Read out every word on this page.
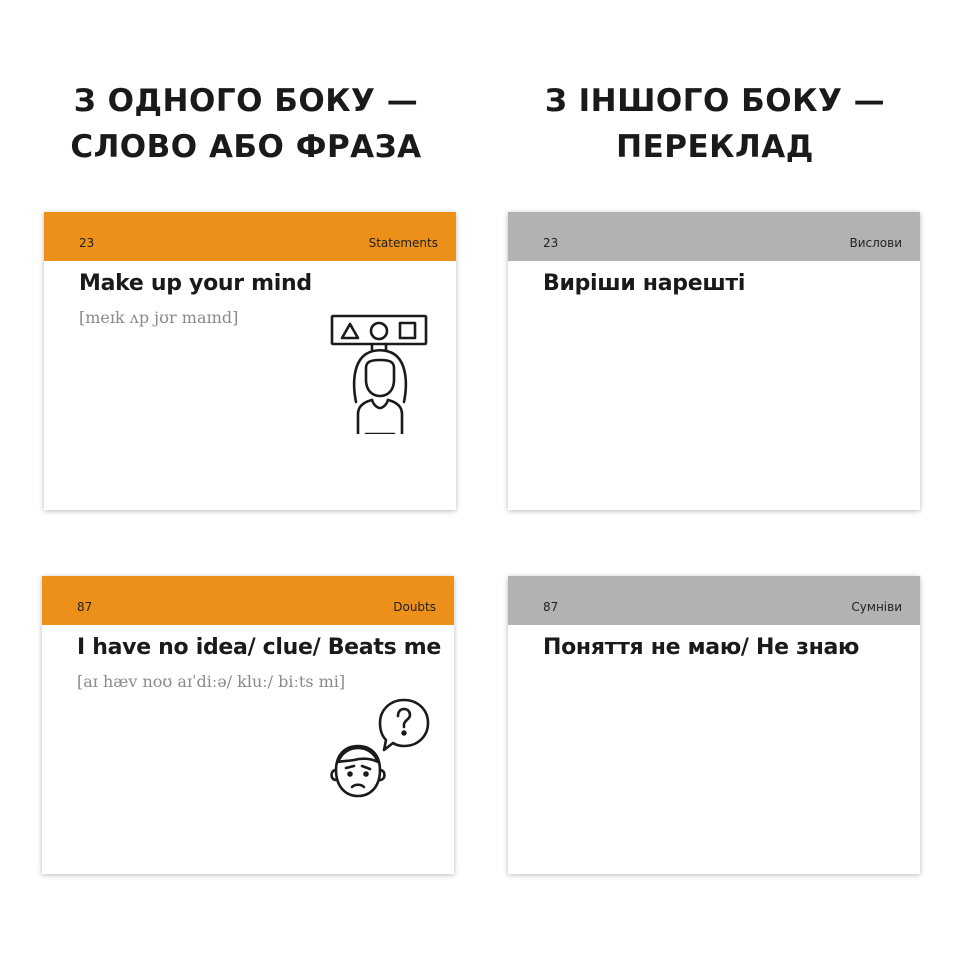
З ОДНОГО БОКУ —
СЛОВО АБО ФРАЗА
З ІНШОГО БОКУ —
ПЕРЕКЛАД
23	Statements
Make up your mind
[meɪk ʌp jʊr maɪnd]
23	Вислови
Виріши нарешті
87	Doubts
I have no idea/ clue/ Beats me
[aɪ hæv noʊ aɪˈdiːə/ kluː/ biːts mi]
87	Сумніви
Поняття не маю/ Не знаю
